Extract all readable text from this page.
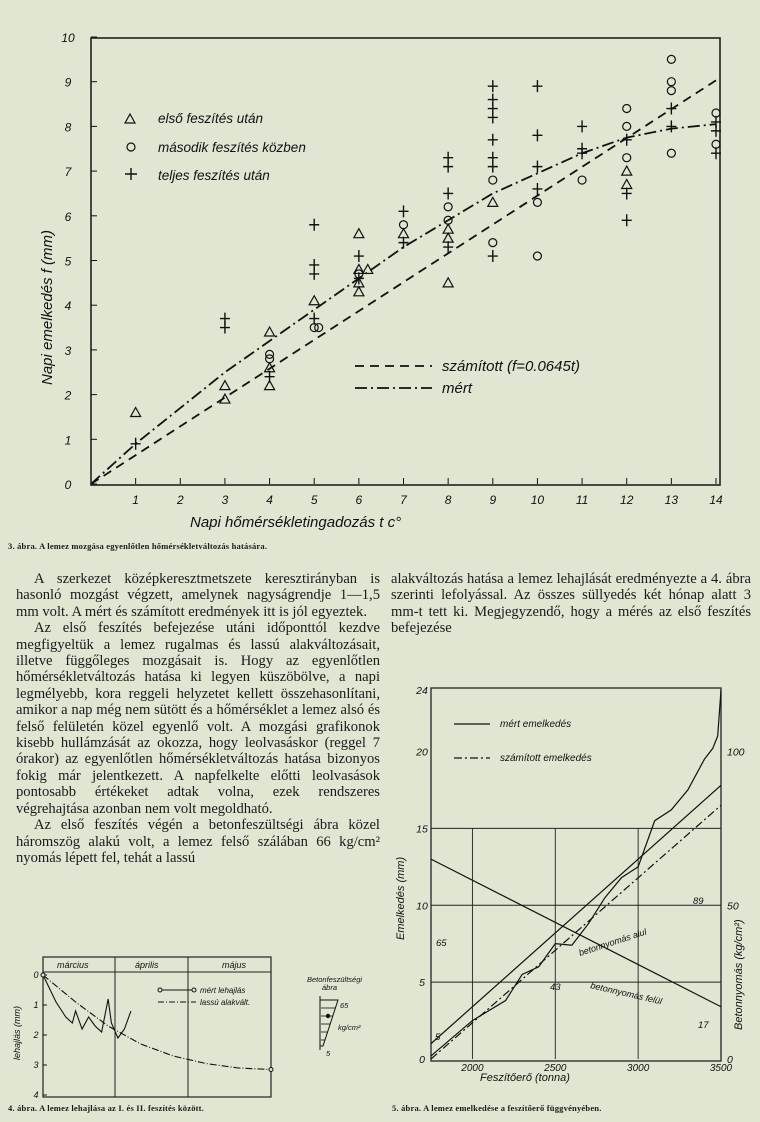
10
9
8
7
6
5
4
3
2
1
0
1	2	3	4	5	6	7	8	9	10	11	12	13	14
Napi emelkedés f (mm)
Napi hőmérsékletingadozás t c°
első feszítés után
második feszítés közben
teljes feszítés után
számított (f=0.0645t)
mért
3. ábra. A lemez mozgása egyenlőtlen hőmérsékletváltozás hatására.

A szerkezet középkeresztmetszete keresztirányban is hasonló mozgást végzett, amelynek nagyságrendje 1—1,5 mm volt. A mért és számított eredmények itt is jól egyeztek.

Az első feszítés befejezése utáni időponttól kezdve megfigyeltük a lemez rugalmas és lassú alakváltozásait, illetve függőleges mozgásait is. Hogy az egyenlőtlen hőmérsékletváltozás hatása ki legyen küszöbölve, a napi legmélyebb, kora reggeli helyzetet kellett összehasonlítani, amikor a nap még nem sütött és a hőmérséklet a lemez alsó és felső felületén közel egyenlő volt. A mozgási grafikonok kisebb hullámzását az okozza, hogy leolvasáskor (reggel 7 órakor) az egyenlőtlen hőmérsékletváltozás hatása bizonyos fokig már jelentkezett. A napfelkelte előtti leolvasások pontosabb értékeket adtak volna, ezek rendszeres végrehajtása azonban nem volt megoldható.

Az első feszítés végén a betonfeszültségi ábra közel háromszög alakú volt, a lemez felső szálában 66 kg/cm² nyomás lépett fel, tehát a lassú

alakváltozás hatása a lemez lehajlását eredményezte a 4. ábra szerinti lefolyással. Az összes süllyedés két hónap alatt 3 mm-t tett ki. Megjegyzendő, hogy a mérés az első feszítés befejezése

március	április	május
0
1
2
3
4
lehajlás (mm)
mért lehajlás
lassú alakvált.
Betonfeszültségi
ábra
65
kg/cm²
5
4. ábra. A lemez lehajlása az I. és II. feszítés között.
24
20
15
10
5
0
100
50
0
2000	2500	3000	3500
Emelkedés (mm)
Betonnyomás (kg/cm²)
Feszítőerő (tonna)
mért emelkedés
számított emelkedés
betonnyomás alul
betonnyomás felül
65
89
43
17
5
5. ábra. A lemez emelkedése a feszítőerő függvényében.
